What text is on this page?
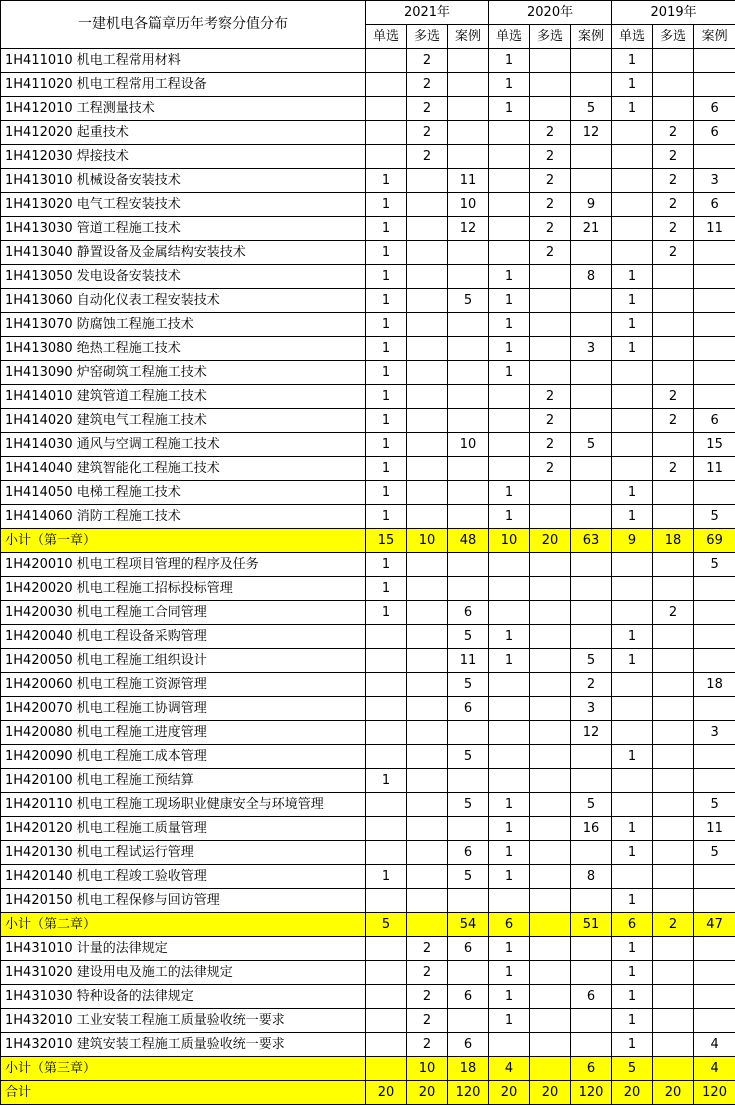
一建机电各篇章历年考察分值分布	2021年			2020年			2019年		
	单选	多选	案例	单选	多选	案例	单选	多选	案例
1H411010 机电工程常用材料		2		1			1		
1H411020 机电工程常用工程设备		2		1			1		
1H412010 工程测量技术		2		1		5	1		6
1H412020 起重技术		2			2	12		2	6
1H412030 焊接技术		2			2			2	
1H413010 机械设备安装技术	1		11		2			2	3
1H413020 电气工程安装技术	1		10		2	9		2	6
1H413030 管道工程施工技术	1		12		2	21		2	11
1H413040 静置设备及金属结构安装技术	1				2			2	
1H413050 发电设备安装技术	1			1		8	1		
1H413060 自动化仪表工程安装技术	1		5	1			1		
1H413070 防腐蚀工程施工技术	1			1			1		
1H413080 绝热工程施工技术	1			1		3	1		
1H413090 炉窑砌筑工程施工技术	1			1					
1H414010 建筑管道工程施工技术	1				2			2	
1H414020 建筑电气工程施工技术	1				2			2	6
1H414030 通风与空调工程施工技术	1		10		2	5			15
1H414040 建筑智能化工程施工技术	1				2			2	11
1H414050 电梯工程施工技术	1			1			1		
1H414060 消防工程施工技术	1			1			1		5
小计（第一章）	15	10	48	10	20	63	9	18	69
1H420010 机电工程项目管理的程序及任务	1								5
1H420020 机电工程施工招标投标管理	1								
1H420030 机电工程施工合同管理	1		6					2	
1H420040 机电工程设备采购管理			5	1			1		
1H420050 机电工程施工组织设计			11	1		5	1		
1H420060 机电工程施工资源管理			5			2			18
1H420070 机电工程施工协调管理			6			3			
1H420080 机电工程施工进度管理						12			3
1H420090 机电工程施工成本管理			5				1		
1H420100 机电工程施工预结算	1								
1H420110 机电工程施工现场职业健康安全与环境管理			5	1		5			5
1H420120 机电工程施工质量管理				1		16	1		11
1H420130 机电工程试运行管理			6	1			1		5
1H420140 机电工程竣工验收管理	1		5	1		8			
1H420150 机电工程保修与回访管理							1		
小计（第二章）	5		54	6		51	6	2	47
1H431010 计量的法律规定		2	6	1			1		
1H431020 建设用电及施工的法律规定		2		1			1		
1H431030 特种设备的法律规定		2	6	1		6	1		
1H432010 工业安装工程施工质量验收统一要求		2		1			1		
1H432010 建筑安装工程施工质量验收统一要求		2	6				1		4
小计（第三章）		10	18	4		6	5		4
合计	20	20	120	20	20	120	20	20	120
